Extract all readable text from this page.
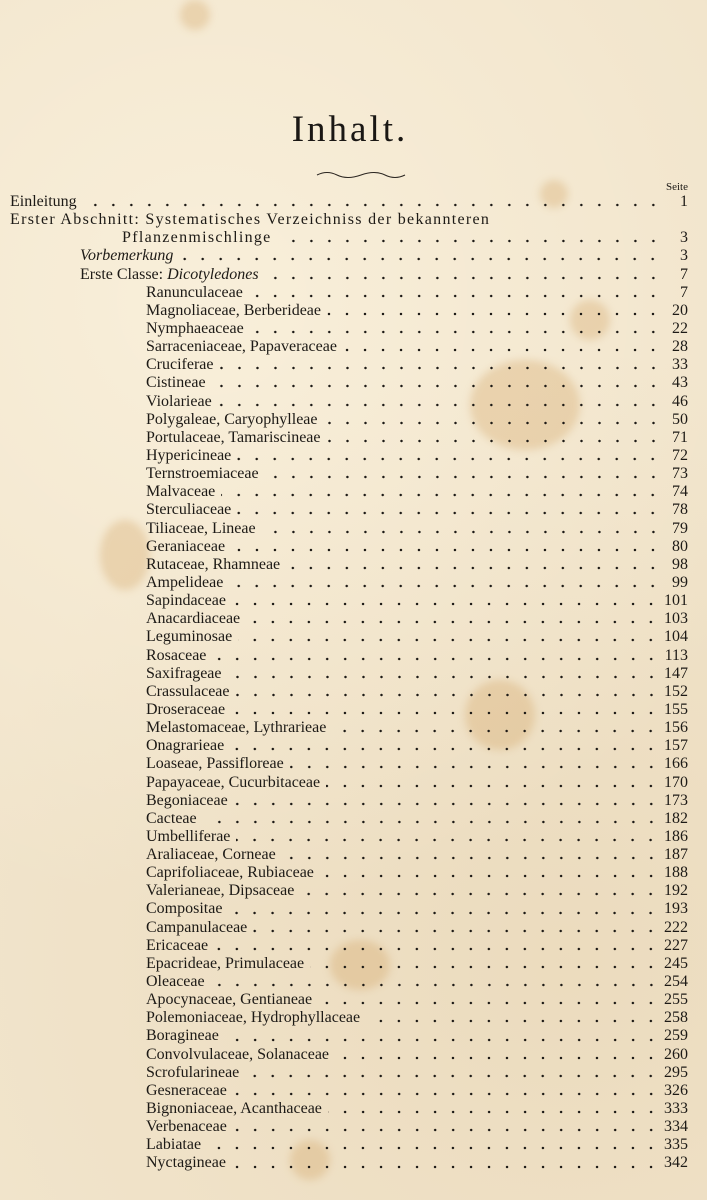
Inhalt.
Seite
Einleitung	1
Erster Abschnitt: Systematisches Verzeichniss der bekannteren
Pflanzenmischlinge	3
Vorbemerkung	3
Erste Classe: Dicotyledones	7
Ranunculaceae	7
Magnoliaceae, Berberideae	20
Nymphaeaceae	22
Sarraceniaceae, Papaveraceae	28
Cruciferae	33
Cistineae	43
Violarieae	46
Polygaleae, Caryophylleae	50
Portulaceae, Tamariscineae	71
Hypericineae	72
Ternstroemiaceae	73
Malvaceae	74
Sterculiaceae	78
Tiliaceae, Lineae	79
Geraniaceae	80
Rutaceae, Rhamneae	98
Ampelideae	99
Sapindaceae	101
Anacardiaceae	103
Leguminosae	104
Rosaceae	113
Saxifrageae	147
Crassulaceae	152
Droseraceae	155
Melastomaceae, Lythrarieae	156
Onagrarieae	157
Loaseae, Passifloreae	166
Papayaceae, Cucurbitaceae	170
Begoniaceae	173
Cacteae	182
Umbelliferae	186
Araliaceae, Corneae	187
Caprifoliaceae, Rubiaceae	188
Valerianeae, Dipsaceae	192
Compositae	193
Campanulaceae	222
Ericaceae	227
Epacrideae, Primulaceae	245
Oleaceae	254
Apocynaceae, Gentianeae	255
Polemoniaceae, Hydrophyllaceae	258
Boragineae	259
Convolvulaceae, Solanaceae	260
Scrofularineae	295
Gesneraceae	326
Bignoniaceae, Acanthaceae	333
Verbenaceae	334
Labiatae	335
Nyctagineae	342
